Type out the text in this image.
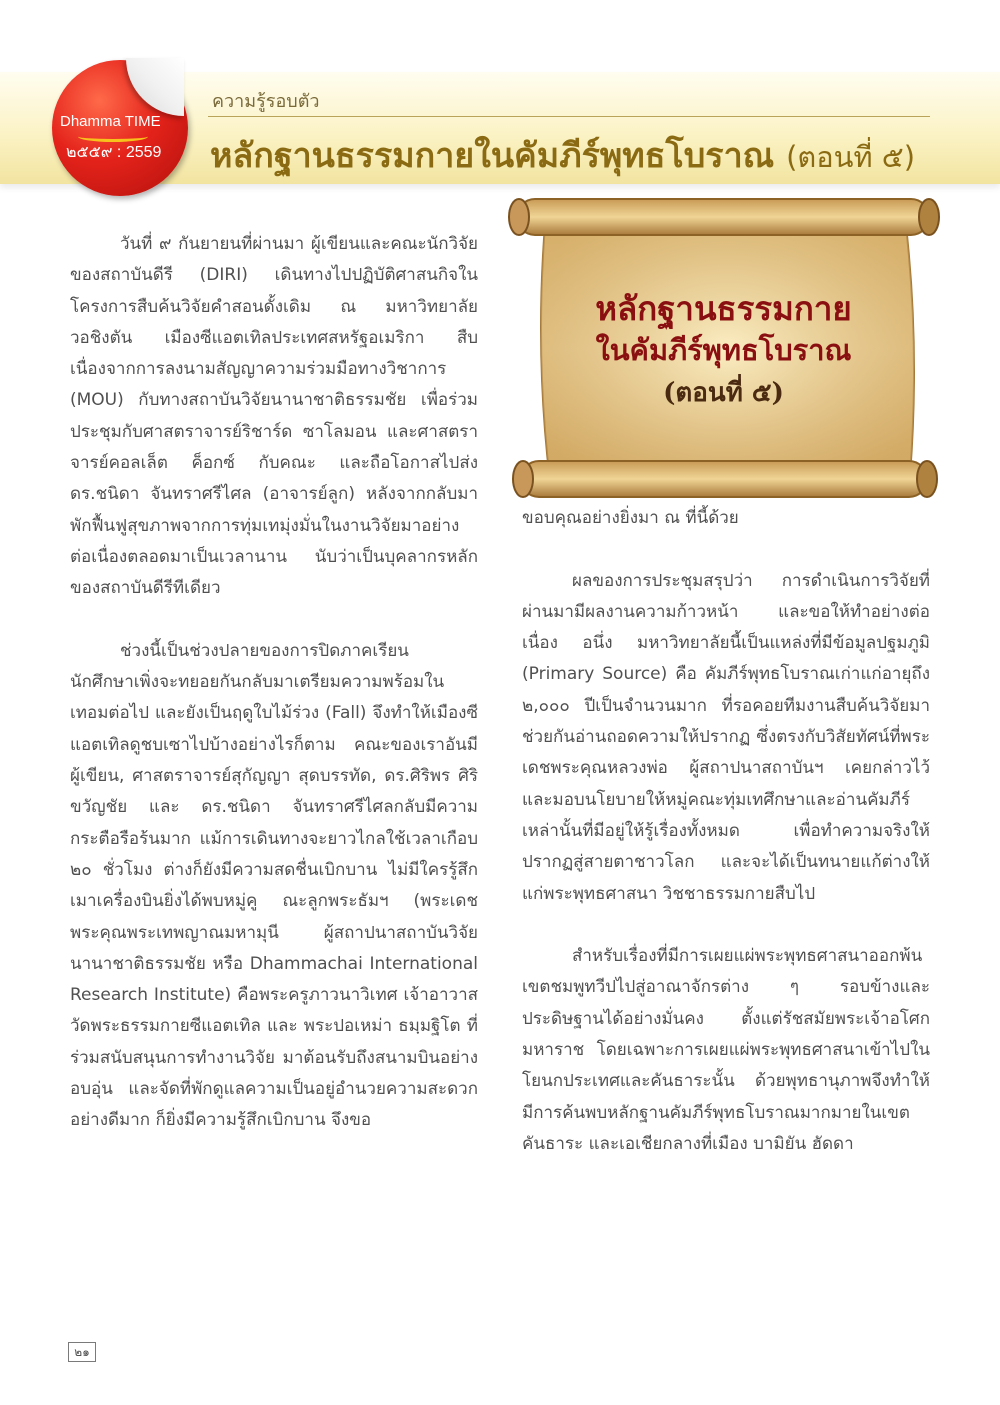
Dhamma TIME
๒๕๕๙ : 2559
ความรู้รอบตัว
หลักฐานธรรมกายในคัมภีร์พุทธโบราณ (ตอนที่ ๕)
หลักฐานธรรมกาย
ในคัมภีร์พุทธโบราณ
(ตอนที่ ๕)

วันที่ ๙ กันยายนที่ผ่านมา ผู้เขียนและคณะนักวิจัยของสถาบันดีรี (DIRI) เดินทางไปปฏิบัติศาสนกิจในโครงการสืบค้นวิจัยคำสอนดั้งเดิม ณ มหาวิทยาลัยวอชิงตัน เมืองซีแอตเทิลประเทศสหรัฐอเมริกา สืบเนื่องจากการลงนามสัญญาความร่วมมือทางวิชาการ (MOU) กับทางสถาบันวิจัยนานาชาติธรรมชัย เพื่อร่วมประชุมกับศาสตราจารย์ริชาร์ด ซาโลมอน และศาสตราจารย์คอลเล็ต ค็อกซ์ กับคณะ และถือโอกาสไปส่งดร.ชนิดา จันทราศรีไศล (อาจารย์ลูก) หลังจากกลับมาพักฟื้นฟูสุขภาพจากการทุ่มเทมุ่งมั่นในงานวิจัยมาอย่างต่อเนื่องตลอดมาเป็นเวลานาน นับว่าเป็นบุคลากรหลักของสถาบันดีรีทีเดียว

ช่วงนี้เป็นช่วงปลายของการปิดภาคเรียน นักศึกษาเพิ่งจะทยอยกันกลับมาเตรียมความพร้อมในเทอมต่อไป และยังเป็นฤดูใบไม้ร่วง (Fall) จึงทำให้เมืองซีแอตเทิลดูชบเซาไปบ้างอย่างไรก็ตาม คณะของเราอันมี ผู้เขียน, ศาสตราจารย์สุกัญญา สุดบรรทัด, ดร.ศิริพร ศิริขวัญชัย และ ดร.ชนิดา จันทราศรีไศลกลับมีความกระตือรือร้นมาก แม้การเดินทางจะยาวไกลใช้เวลาเกือบ ๒๐ ชั่วโมง ต่างก็ยังมีความสดชื่นเบิกบาน ไม่มีใครรู้สึกเมาเครื่องบินยิ่งได้พบหมู่คู ณะลูกพระธัมฯ (พระเดชพระคุณพระเทพญาณมหามุนี ผู้สถาปนาสถาบันวิจัยนานาชาติธรรมชัย หรือ Dhammachai International Research Institute) คือพระครูภาวนาวิเทศ เจ้าอาวาสวัดพระธรรมกายซีแอตเทิล และ พระปอเหม่า ธมฺมฐิโต ที่ร่วมสนับสนุนการทำงานวิจัย มาต้อนรับถึงสนามบินอย่างอบอุ่น และจัดที่พักดูแลความเป็นอยู่อำนวยความสะดวกอย่างดีมาก ก็ยิ่งมีความรู้สึกเบิกบาน จึงขอ

ขอบคุณอย่างยิ่งมา ณ ที่นี้ด้วย

ผลของการประชุมสรุปว่า การดำเนินการวิจัยที่ผ่านมามีผลงานความก้าวหน้า และขอให้ทำอย่างต่อเนื่อง อนึ่ง มหาวิทยาลัยนี้เป็นแหล่งที่มีข้อมูลปฐมภูมิ (Primary Source) คือ คัมภีร์พุทธโบราณเก่าแก่อายุถึง ๒,๐๐๐ ปีเป็นจำนวนมาก ที่รอคอยทีมงานสืบค้นวิจัยมาช่วยกันอ่านถอดความให้ปรากฏ ซึ่งตรงกับวิสัยทัศน์ที่พระเดชพระคุณหลวงพ่อ ผู้สถาปนาสถาบันฯ เคยกล่าวไว้ และมอบนโยบายให้หมู่คณะทุ่มเทศึกษาและอ่านคัมภีร์เหล่านั้นที่มีอยู่ให้รู้เรื่องทั้งหมด เพื่อทำความจริงให้ปรากฏสู่สายตาชาวโลก และจะได้เป็นทนายแก้ต่างให้แก่พระพุทธศาสนา วิชชาธรรมกายสืบไป

สำหรับเรื่องที่มีการเผยแผ่พระพุทธศาสนาออกพ้นเขตชมพูทวีปไปสู่อาณาจักรต่าง ๆ รอบข้างและประดิษฐานได้อย่างมั่นคง ตั้งแต่รัชสมัยพระเจ้าอโศกมหาราช โดยเฉพาะการเผยแผ่พระพุทธศาสนาเข้าไปในโยนกประเทศและคันธาระนั้น ด้วยพุทธานุภาพจึงทำให้ มีการค้นพบหลักฐานคัมภีร์พุทธโบราณมากมายในเขตคันธาระ และเอเชียกลางที่เมือง บามิยัน ฮัดดา

๒๑
